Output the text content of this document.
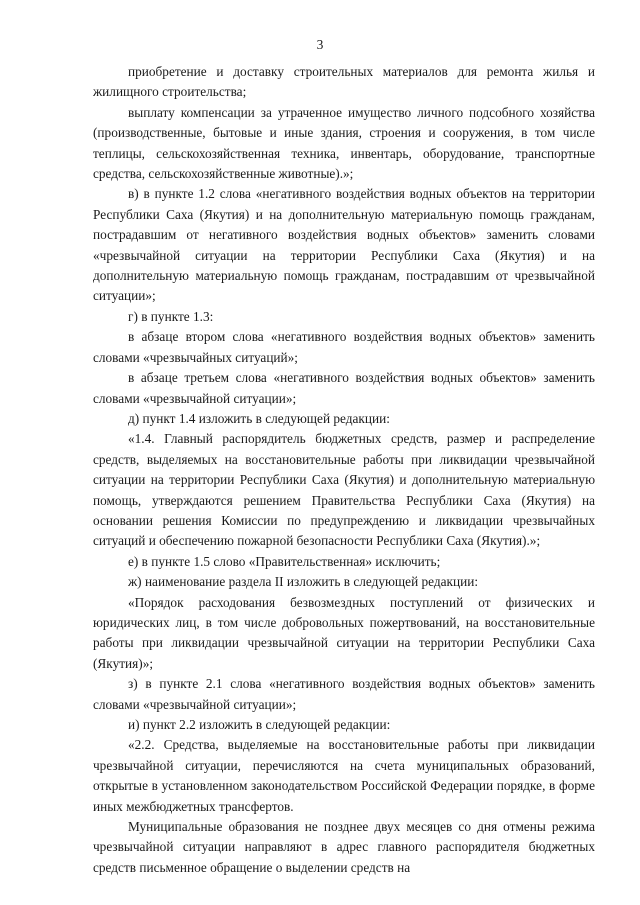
3

приобретение и доставку строительных материалов для ремонта жилья и жилищного строительства;

выплату компенсации за утраченное имущество личного подсобного хозяйства (производственные, бытовые и иные здания, строения и сооружения, в том числе теплицы, сельскохозяйственная техника, инвентарь, оборудование, транспортные средства, сельскохозяйственные животные).»;

в) в пункте 1.2 слова «негативного воздействия водных объектов на территории Республики Саха (Якутия) и на дополнительную материальную помощь гражданам, пострадавшим от негативного воздействия водных объектов» заменить словами «чрезвычайной ситуации на территории Республики Саха (Якутия) и на дополнительную материальную помощь гражданам, пострадавшим от чрезвычайной ситуации»;

г) в пункте 1.3:

в абзаце втором слова «негативного воздействия водных объектов» заменить словами «чрезвычайных ситуаций»;

в абзаце третьем слова «негативного воздействия водных объектов» заменить словами «чрезвычайной ситуации»;

д) пункт 1.4 изложить в следующей редакции:

«1.4. Главный распорядитель бюджетных средств, размер и распределение средств, выделяемых на восстановительные работы при ликвидации чрезвычайной ситуации на территории Республики Саха (Якутия) и дополнительную материальную помощь, утверждаются решением Правительства Республики Саха (Якутия) на основании решения Комиссии по предупреждению и ликвидации чрезвычайных ситуаций и обеспечению пожарной безопасности Республики Саха (Якутия).»;

е) в пункте 1.5 слово «Правительственная» исключить;

ж) наименование раздела II изложить в следующей редакции:

«Порядок расходования безвозмездных поступлений от физических и юридических лиц, в том числе добровольных пожертвований, на восстановительные работы при ликвидации чрезвычайной ситуации на территории Республики Саха (Якутия)»;

з) в пункте 2.1 слова «негативного воздействия водных объектов» заменить словами «чрезвычайной ситуации»;

и) пункт 2.2 изложить в следующей редакции:

«2.2. Средства, выделяемые на восстановительные работы при ликвидации чрезвычайной ситуации, перечисляются на счета муниципальных образований, открытые в установленном законодательством Российской Федерации порядке, в форме иных межбюджетных трансфертов.

Муниципальные образования не позднее двух месяцев со дня отмены режима чрезвычайной ситуации направляют в адрес главного распорядителя бюджетных средств письменное обращение о выделении средств на
